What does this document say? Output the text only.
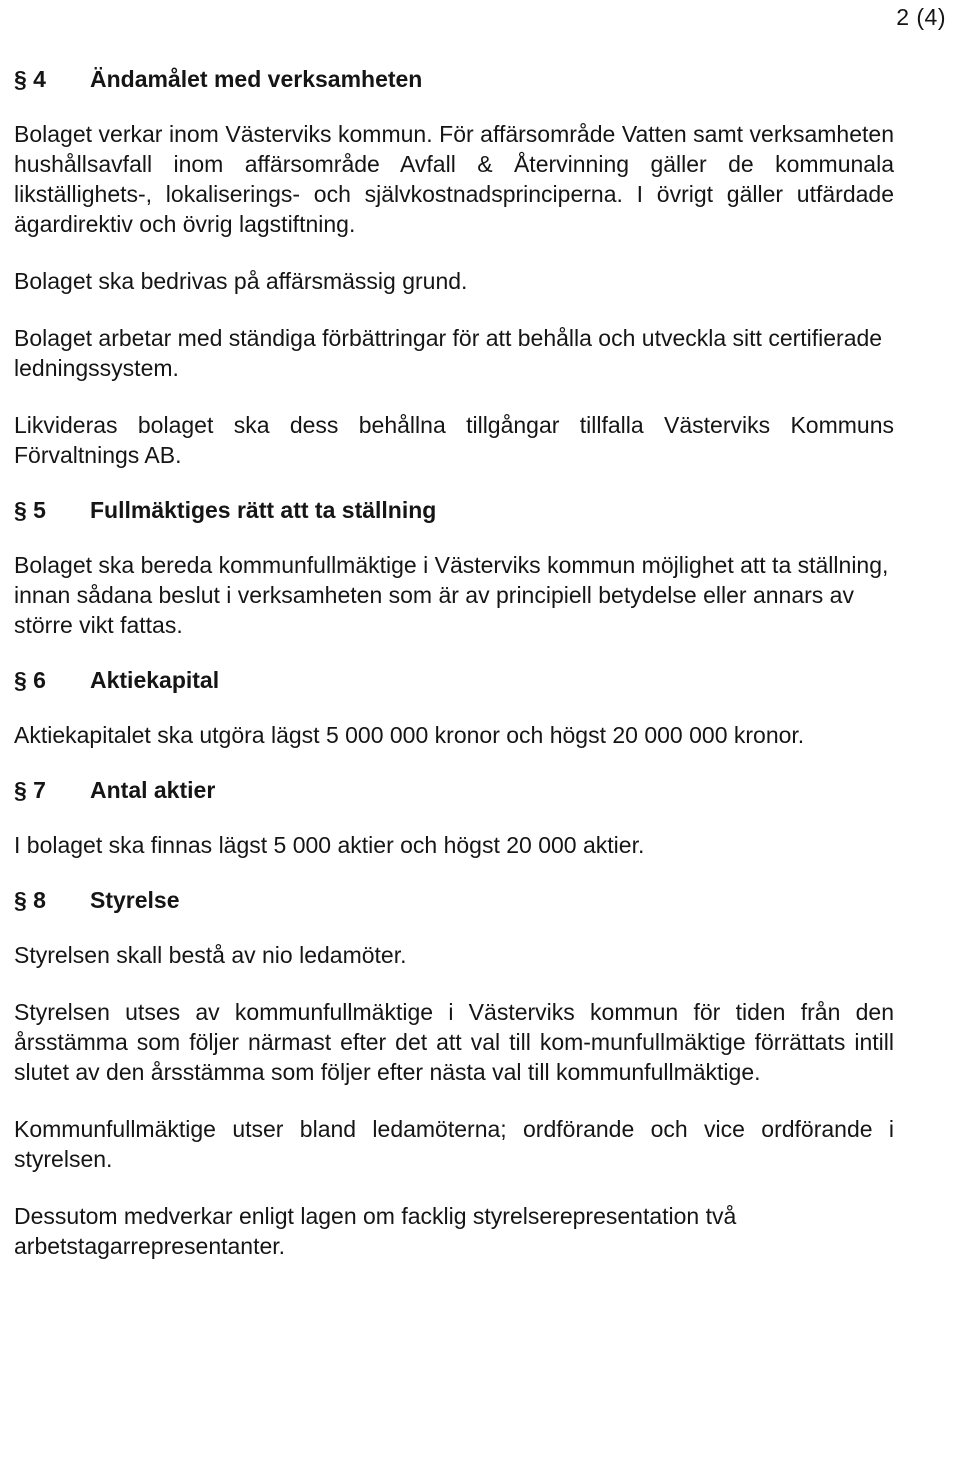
2 (4)
§ 4	Ändamålet med verksamheten

Bolaget verkar inom Västerviks kommun. För affärsområde Vatten samt verksamheten hushållsavfall inom affärsområde Avfall & Återvinning gäller de kommunala likställighets-, lokaliserings- och självkostnadsprinciperna. I övrigt gäller utfärdade ägardirektiv och övrig lagstiftning.

Bolaget ska bedrivas på affärsmässig grund.

Bolaget arbetar med ständiga förbättringar för att behålla och utveckla sitt certifierade ledningssystem.

Likvideras bolaget ska dess behållna tillgångar tillfalla Västerviks Kommuns Förvaltnings AB.

§ 5	Fullmäktiges rätt att ta ställning

Bolaget ska bereda kommunfullmäktige i Västerviks kommun möjlighet att ta ställning, innan sådana beslut i verksamheten som är av principiell betydelse eller annars av större vikt fattas.

§ 6	Aktiekapital

Aktiekapitalet ska utgöra lägst 5 000 000 kronor och högst 20 000 000 kronor.

§ 7	Antal aktier

I bolaget ska finnas lägst 5 000 aktier och högst 20 000 aktier.

§ 8	Styrelse

Styrelsen skall bestå av nio ledamöter.

Styrelsen utses av kommunfullmäktige i Västerviks kommun för tiden från den årsstämma som följer närmast efter det att val till kom-munfullmäktige förrättats intill slutet av den årsstämma som följer efter nästa val till kommunfullmäktige.

Kommunfullmäktige utser bland ledamöterna; ordförande och vice ordförande i styrelsen.

Dessutom medverkar enligt lagen om facklig styrelserepresentation två arbetstagarrepresentanter.
